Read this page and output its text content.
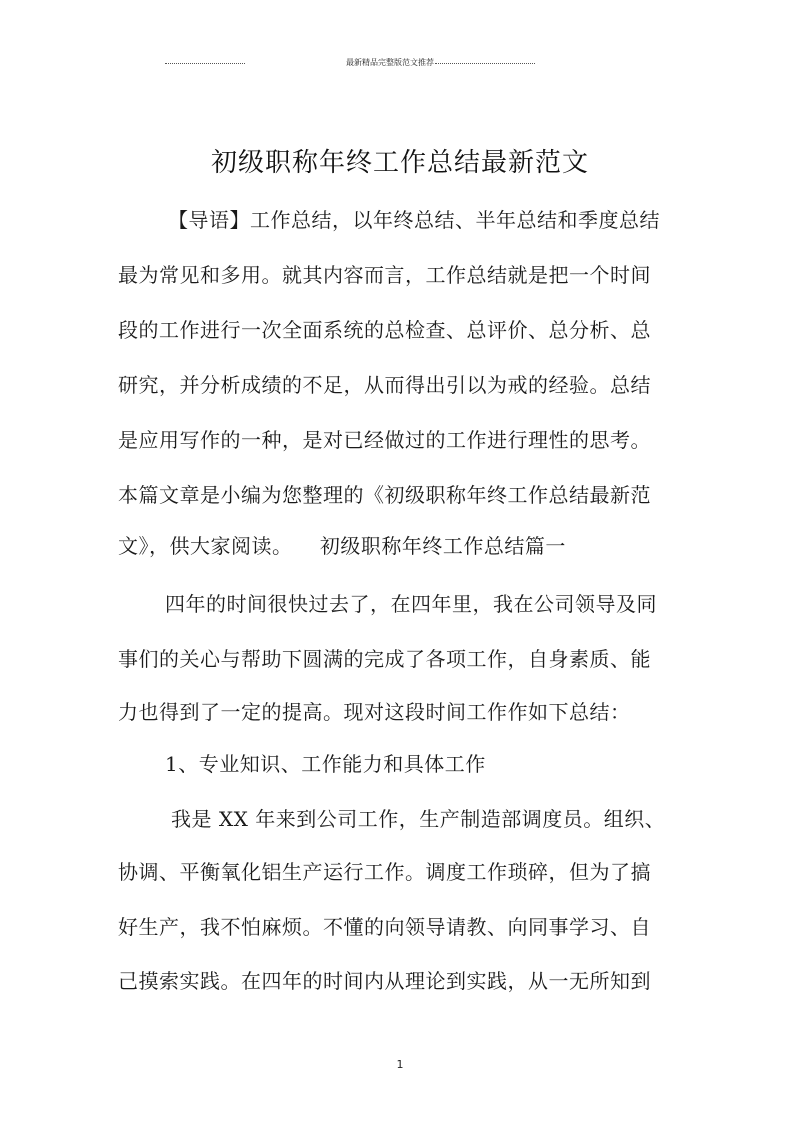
最新精品完整版范文推荐
初级职称年终工作总结最新范文
【导语】工作总结，以年终总结、半年总结和季度总结
最为常见和多用。就其内容而言，工作总结就是把一个时间
段的工作进行一次全面系统的总检查、总评价、总分析、总
研究，并分析成绩的不足，从而得出引以为戒的经验。总结
是应用写作的一种，是对已经做过的工作进行理性的思考。
本篇文章是小编为您整理的《初级职称年终工作总结最新范
文》，供大家阅读。    初级职称年终工作总结篇一
四年的时间很快过去了，在四年里，我在公司领导及同
事们的关心与帮助下圆满的完成了各项工作，自身素质、能
力也得到了一定的提高。现对这段时间工作作如下总结：
1、专业知识、工作能力和具体工作
我是 XX 年来到公司工作，生产制造部调度员。组织、
协调、平衡氧化铝生产运行工作。调度工作琐碎，但为了搞
好生产，我不怕麻烦。不懂的向领导请教、向同事学习、自
己摸索实践。在四年的时间内从理论到实践，从一无所知到
1
